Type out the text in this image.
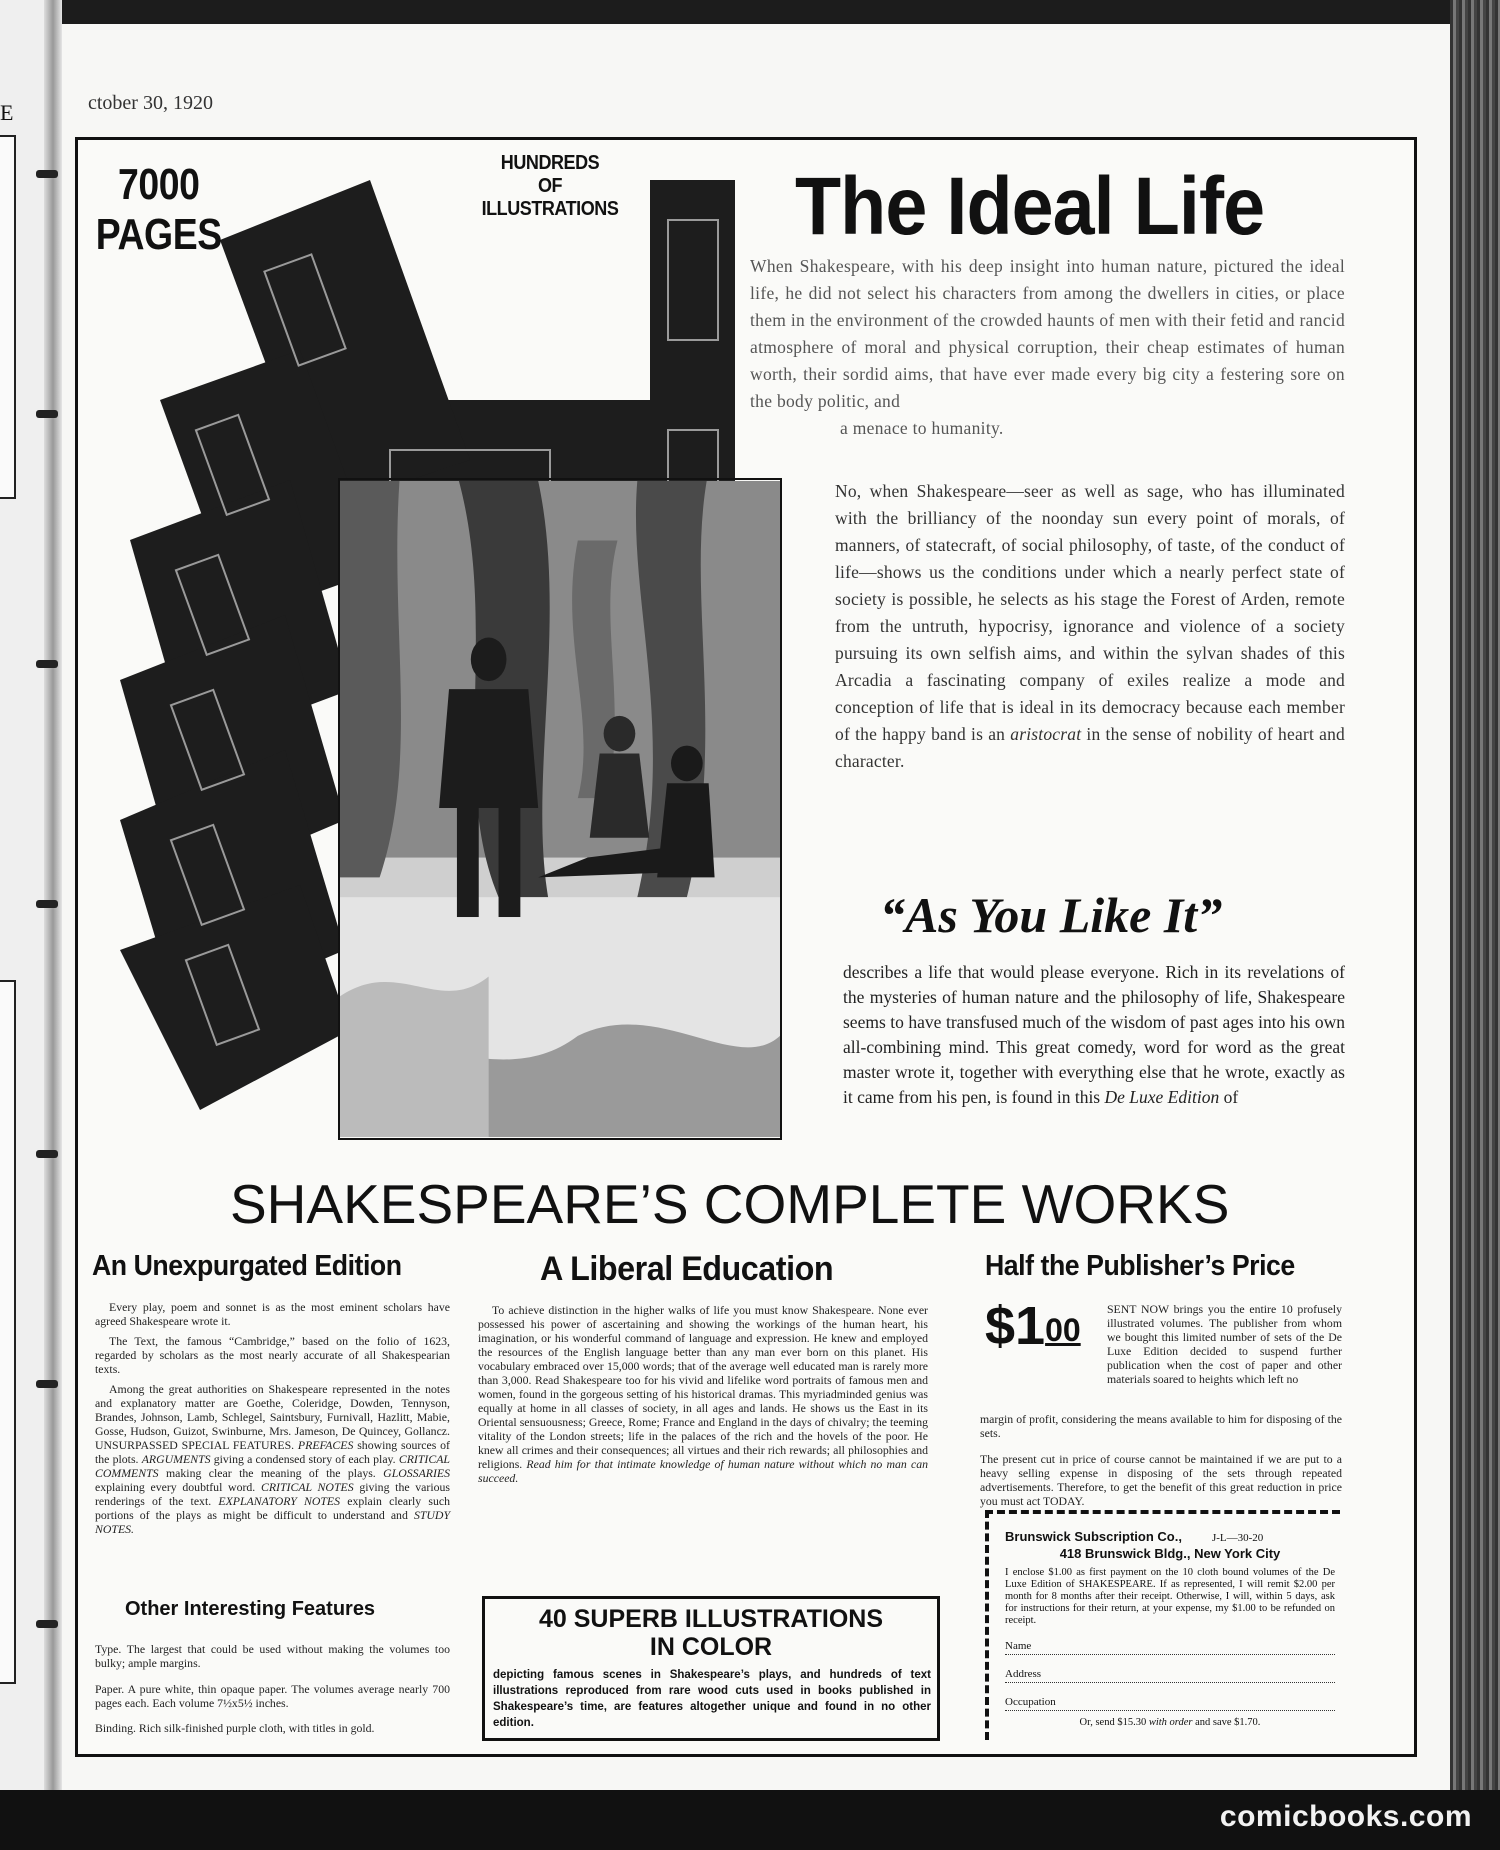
E
comicbooks.com
ctober 30, 1920
7000
PAGES
HUNDREDS
OF
ILLUSTRATIONS The Ideal Life
When Shakespeare, with his deep insight into human nature, pictured the ideal life, he did not select his characters from among the dwellers in cities, or place them in the environment of the crowded haunts of men with their fetid and rancid atmosphere of moral and physical corruption, their cheap estimates of human worth, their sordid aims, that have ever made every big city a festering sore on the body politic, and
a menace to humanity.
No, when Shakespeare—seer as well as sage, who has illuminated with the brilliancy of the noonday sun every point of morals, of manners, of statecraft, of social philosophy, of taste, of the conduct of life—shows us the conditions under which a nearly perfect state of society is possible, he selects as his stage the Forest of Arden, remote from the untruth, hypocrisy, ignorance and violence of a society pursuing its own selfish aims, and within the sylvan shades of this Arcadia a fascinating company of exiles realize a mode and conception of life that is ideal in its democracy because each member of the happy band is an aristocrat in the sense of nobility of heart and character.
“As You Like It”
describes a life that would please everyone. Rich in its revelations of the mysteries of human nature and the philosophy of life, Shakespeare seems to have transfused much of the wisdom of past ages into his own all-combining mind. This great comedy, word for word as the great master wrote it, together with everything else that he wrote, exactly as it came from his pen, is found in this De Luxe Edition of
SHAKESPEARE’S COMPLETE WORKS
An Unexpurgated Edition	A Liberal Education	Half the Publisher’s Price

Every play, poem and sonnet is as the most eminent scholars have agreed Shakespeare wrote it.

The Text, the famous “Cambridge,” based on the folio of 1623, regarded by scholars as the most nearly accurate of all Shakespearian texts.

Among the great authorities on Shakespeare represented in the notes and explanatory matter are Goethe, Coleridge, Dowden, Tennyson, Brandes, Johnson, Lamb, Schlegel, Saintsbury, Furnivall, Hazlitt, Mabie, Gosse, Hudson, Guizot, Swinburne, Mrs. Jameson, De Quincey, Gollancz. UNSURPASSED SPECIAL FEATURES. PREFACES showing sources of the plots. ARGUMENTS giving a condensed story of each play. CRITICAL COMMENTS making clear the meaning of the plays. GLOSSARIES explaining every doubtful word. CRITICAL NOTES giving the various renderings of the text. EXPLANATORY NOTES explain clearly such portions of the plays as might be difficult to understand and STUDY NOTES.

Other Interesting Features

Type. The largest that could be used without making the volumes too bulky; ample margins.

Paper. A pure white, thin opaque paper. The volumes average nearly 700 pages each. Each volume 7½x5½ inches.

Binding. Rich silk-finished purple cloth, with titles in gold.

To achieve distinction in the higher walks of life you must know Shakespeare. None ever possessed his power of ascertaining and showing the workings of the human heart, his imagination, or his wonderful command of language and expression. He knew and employed the resources of the English language better than any man ever born on this planet. His vocabulary embraced over 15,000 words; that of the average well educated man is rarely more than 3,000. Read Shakespeare too for his vivid and lifelike word portraits of famous men and women, found in the gorgeous setting of his historical dramas. This myriadminded genius was equally at home in all classes of society, in all ages and lands. He shows us the East in its Oriental sensuousness; Greece, Rome; France and England in the days of chivalry; the teeming vitality of the London streets; life in the palaces of the rich and the hovels of the poor. He knew all crimes and their consequences; all virtues and their rich rewards; all philosophies and religions. Read him for that intimate knowledge of human nature without which no man can succeed.

40 SUPERB ILLUSTRATIONS
IN COLOR
depicting famous scenes in Shakespeare’s plays, and hundreds of text illustrations reproduced from rare wood cuts used in books published in Shakespeare’s time, are features altogether unique and found in no other edition.
$\$1^{00}$

SENT NOW brings you the entire 10 profusely illustrated volumes. The publisher from whom we bought this limited number of sets of the De Luxe Edition decided to suspend further publication when the cost of paper and other materials soared to heights which left no

margin of profit, considering the means available to him for disposing of the sets.

The present cut in price of course cannot be maintained if we are put to a heavy selling expense in disposing of the sets through repeated advertisements. Therefore, to get the benefit of this great reduction in price you must act TODAY.

Brunswick Subscription Co.,	J-L—30-20
418 Brunswick Bldg., New York City
I enclose $1.00 as first payment on the 10 cloth bound volumes of the De Luxe Edition of SHAKESPEARE. If as represented, I will remit $2.00 per month for 8 months after their receipt. Otherwise, I will, within 5 days, ask for instructions for their return, at your expense, my $1.00 to be refunded on receipt.
Name
Address
Occupation
Or, send $15.30 with order and save $1.70.
